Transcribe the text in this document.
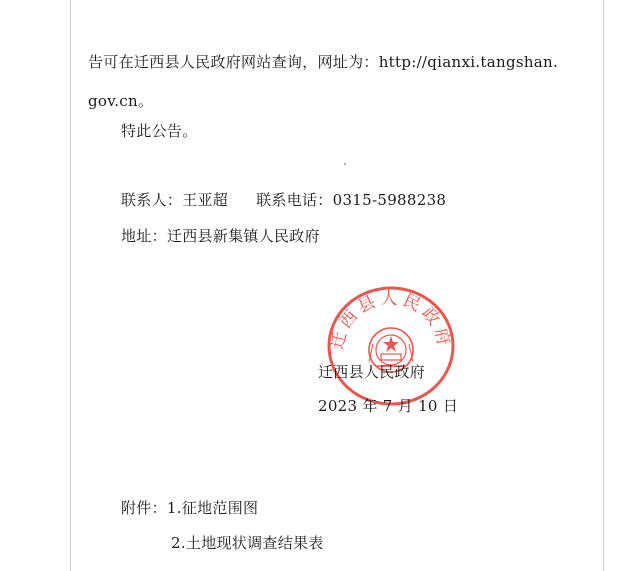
告可在迁西县人民政府网站查询，网址为：http://qianxi.tangshan.
gov.cn。
特此公告。
联系人：王亚超 联系电话：0315-5988238
地址：迁西县新集镇人民政府
迁西县人民政府
迁西县人民政府
2023 年 7 月 10 日
附件：1.征地范围图
2.土地现状调查结果表
